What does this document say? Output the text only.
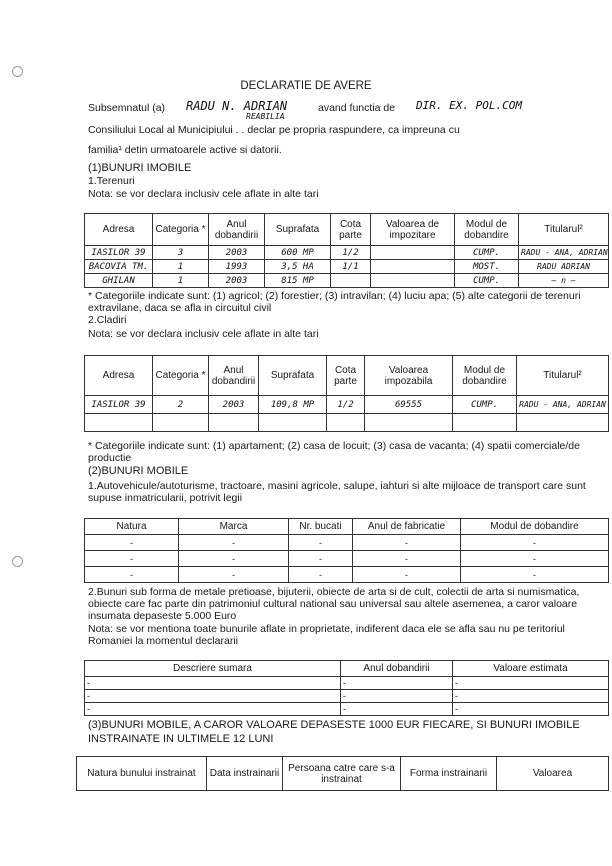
DECLARATIE DE AVERE
Subsemnatul (a) RADU N. ADRIAN	avand functia de DIR. EX. POL.COM
REABILIA
Consiliului Local al Municipiului . . declar pe propria raspundere, ca impreuna cu
familia¹ detin urmatoarele active si datorii.
(1)BUNURI IMOBILE
1.Terenuri
Nota: se vor declara inclusiv cele aflate in alte tari
Adresa	Categoria *	Anul dobandirii	Suprafata	Cota parte	Valoarea de impozitare	Modul de dobandire	Titularul²
IASILOR 39	3	2003	600 MP	1/2		CUMP.	RADU - ANA, ADRIAN
BACOVIA TM.	1	1993	3,5 HA	1/1		MOST.	RADU ADRIAN
GHILAN	1	2003	815 MP			CUMP.	— n —
* Categoriile indicate sunt: (1) agricol; (2) forestier; (3) intravilan; (4) luciu apa; (5) alte categorii de terenuri extravilane, daca se afla in circuitul civil
2.Cladiri
Nota: se vor declara inclusiv cele aflate in alte tari
Adresa	Categoria *	Anul dobandirii	Suprafata	Cota parte	Valoarea impozabila	Modul de dobandire	Titularul²
IASILOR 39	2	2003	109,8 MP	1/2	69555	CUMP.	RADU - ANA, ADRIAN

* Categoriile indicate sunt: (1) apartament; (2) casa de locuit; (3) casa de vacanta; (4) spatii comerciale/de productie
(2)BUNURI MOBILE
1.Autovehicule/autoturisme, tractoare, masini agricole, salupe, iahturi si alte mijloace de transport care sunt supuse inmatricularii, potrivit legii
Natura	Marca	Nr. bucati	Anul de fabricatie	Modul de dobandire
-	-	-	-	-
-	-	-	-	-
-	-	-	-	-
2.Bunuri sub forma de metale pretioase, bijuterii, obiecte de arta si de cult, colectii de arta si numismatica, obiecte care fac parte din patrimoniul cultural national sau universal sau altele asemenea, a caror valoare insumata depaseste 5.000 Euro
Nota: se vor mentiona toate bunurile aflate in proprietate, indiferent daca ele se afla sau nu pe teritoriul Romaniei la momentul declararii
Descriere sumara	Anul dobandirii	Valoare estimata
-	-	-
-	-	-
-	-	-
(3)BUNURI MOBILE, A CAROR VALOARE DEPASESTE 1000 EUR FIECARE, SI BUNURI IMOBILE INSTRAINATE IN ULTIMELE 12 LUNI
Natura bunului instrainat	Data instrainarii	Persoana catre care s-a instrainat	Forma instrainarii	Valoarea
